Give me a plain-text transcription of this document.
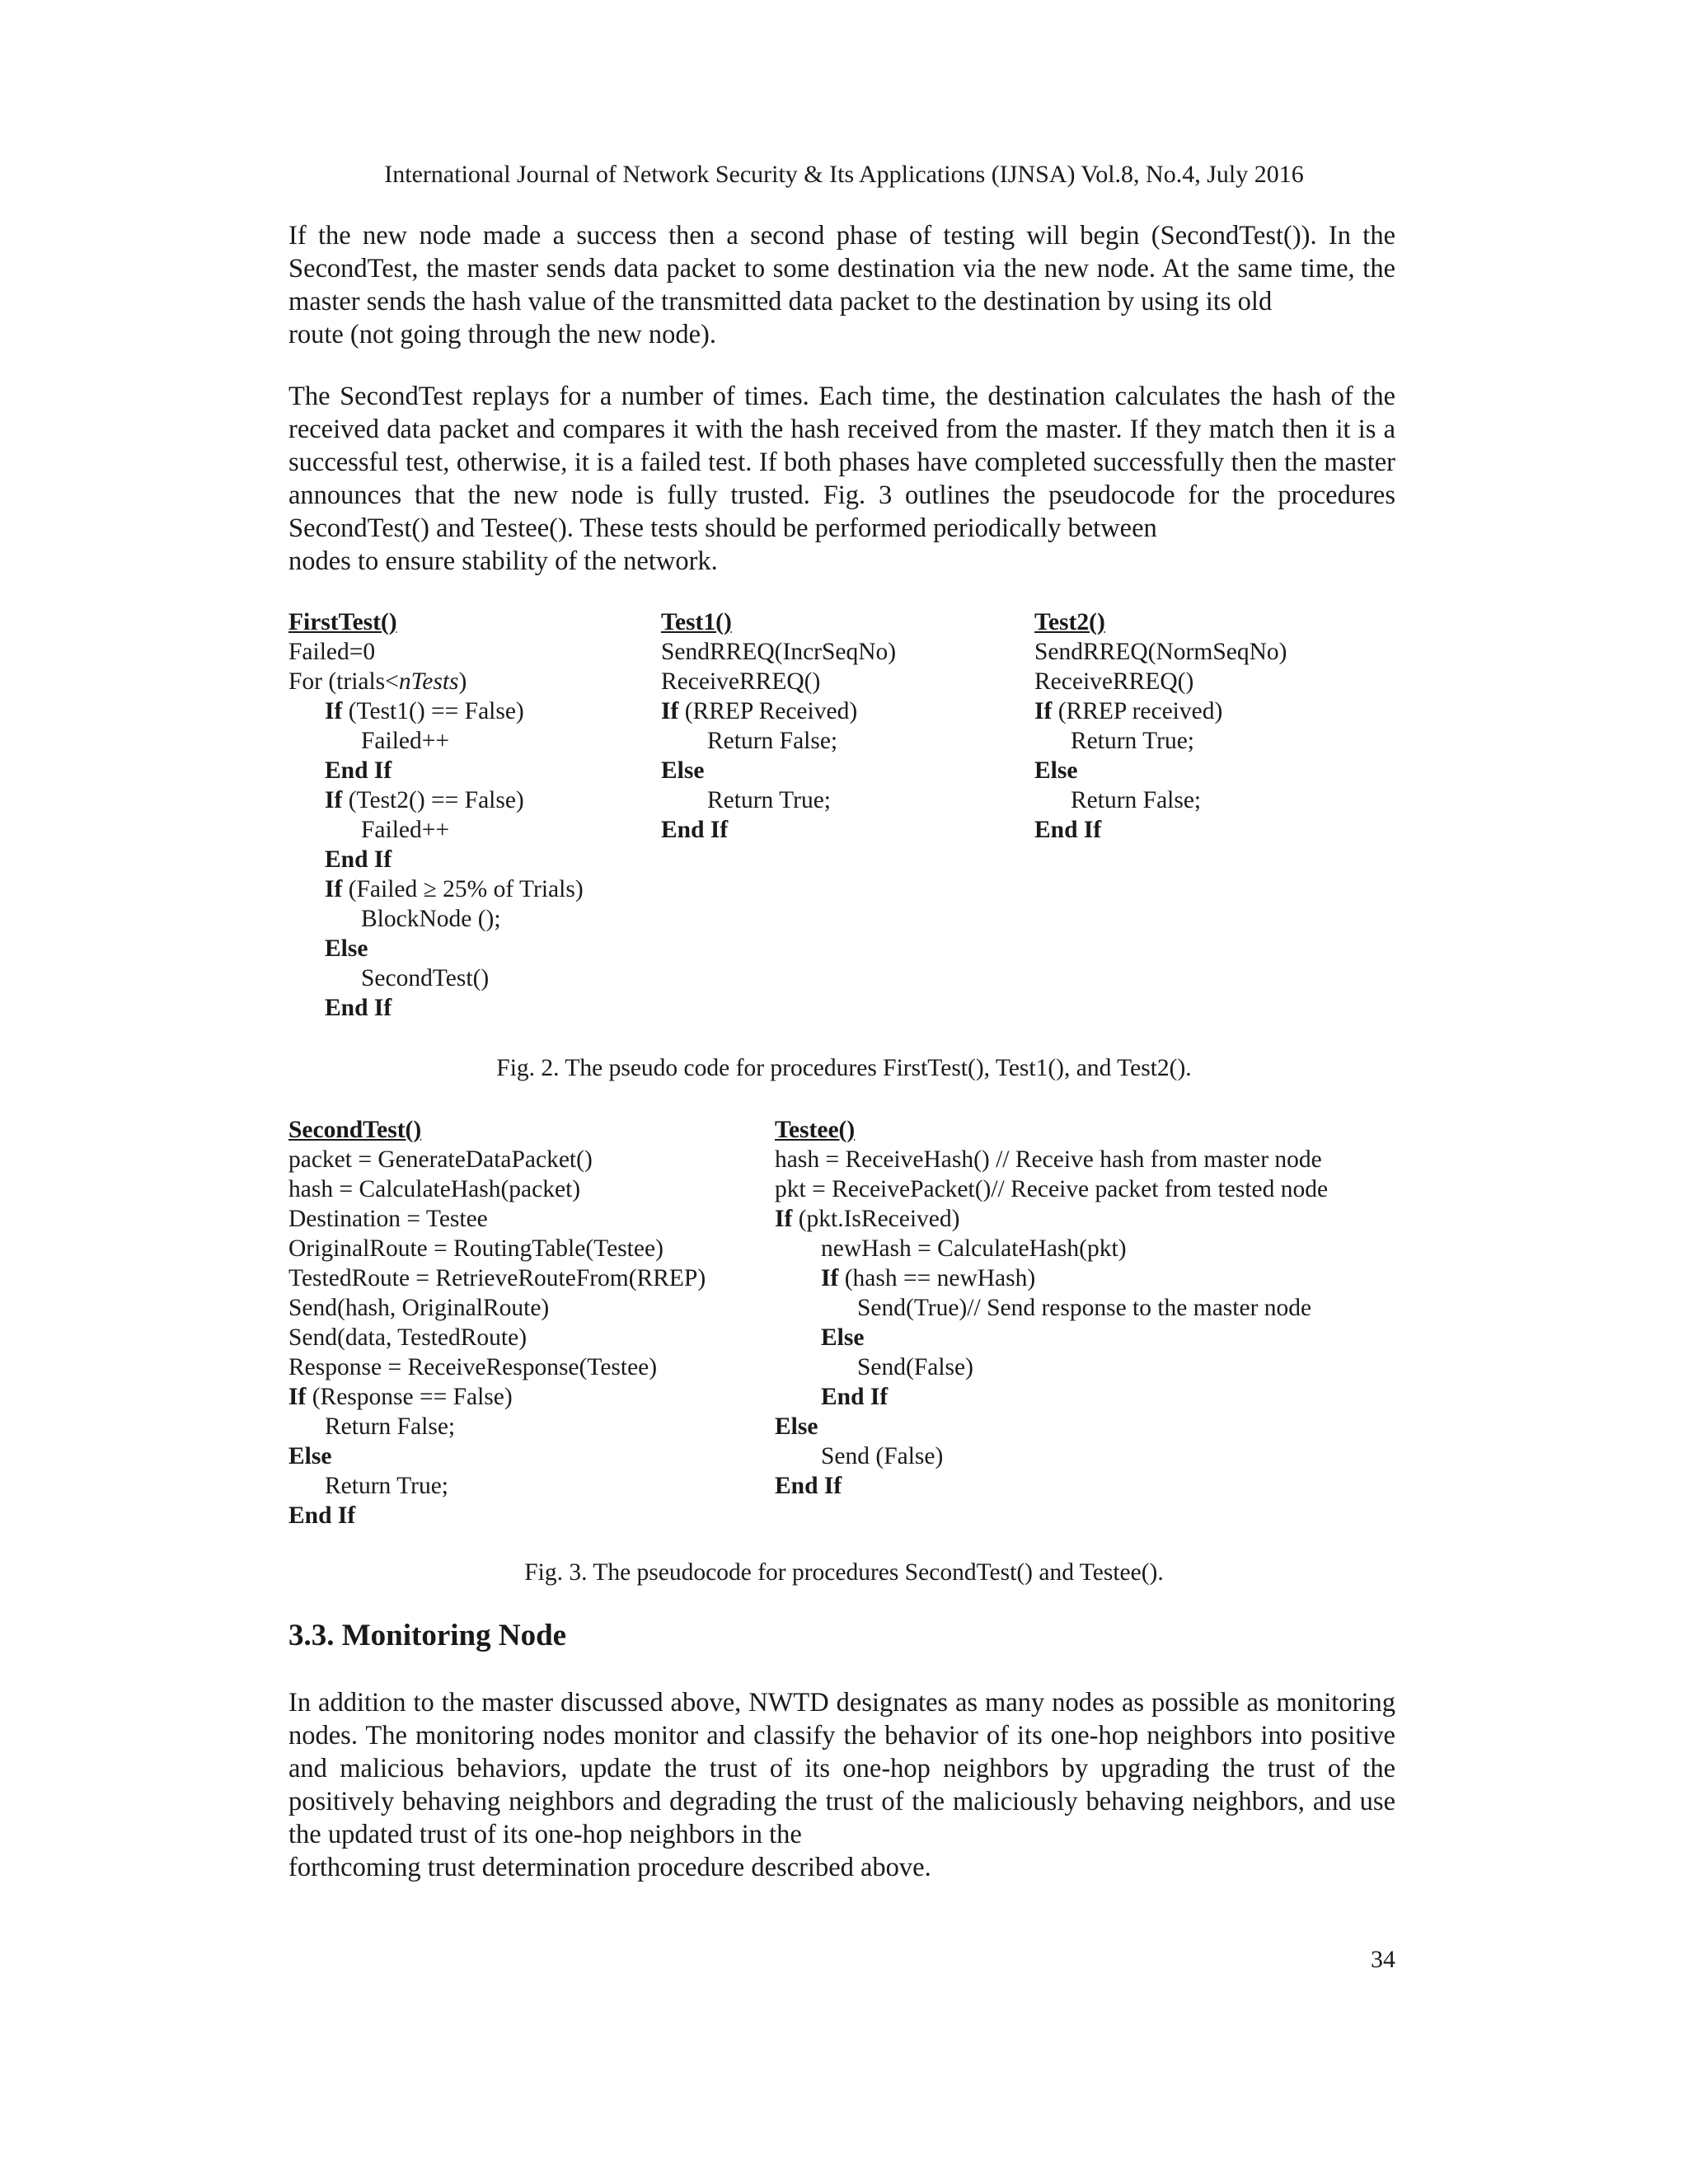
International Journal of Network Security & Its Applications (IJNSA) Vol.8, No.4, July 2016

If the new node made a success then a second phase of testing will begin (SecondTest()). In the SecondTest, the master sends data packet to some destination via the new node. At the same time, the master sends the hash value of the transmitted data packet to the destination by using its old
route (not going through the new node).

The SecondTest replays for a number of times. Each time, the destination calculates the hash of the received data packet and compares it with the hash received from the master. If they match then it is a successful test, otherwise, it is a failed test. If both phases have completed successfully then the master announces that the new node is fully trusted. Fig. 3 outlines the pseudocode for the procedures SecondTest() and Testee(). These tests should be performed periodically between
nodes to ensure stability of the network.

FirstTest()
Failed=0
For (trials<nTests)
If (Test1() == False)
Failed++
End If
If (Test2() == False)
Failed++
End If
If (Failed ≥ 25% of Trials)
BlockNode ();
Else
SecondTest()
End If
Test1()
SendRREQ(IncrSeqNo)
ReceiveRREQ()
If (RREP Received)
Return False;
Else
Return True;
End If
Test2()
SendRREQ(NormSeqNo)
ReceiveRREQ()
If (RREP received)
Return True;
Else
Return False;
End If
Fig. 2. The pseudo code for procedures FirstTest(), Test1(), and Test2().
SecondTest()
packet = GenerateDataPacket()
hash = CalculateHash(packet)
Destination = Testee
OriginalRoute = RoutingTable(Testee)
TestedRoute = RetrieveRouteFrom(RREP)
Send(hash, OriginalRoute)
Send(data, TestedRoute)
Response = ReceiveResponse(Testee)
If (Response == False)
Return False;
Else
Return True;
End If
Testee()
hash = ReceiveHash() // Receive hash from master node
pkt = ReceivePacket()// Receive packet from tested node
If (pkt.IsReceived)
newHash = CalculateHash(pkt)
If (hash == newHash)
Send(True)// Send response to the master node
Else
Send(False)
End If
Else
Send (False)
End If
Fig. 3. The pseudocode for procedures SecondTest() and Testee().
3.3. Monitoring Node

In addition to the master discussed above, NWTD designates as many nodes as possible as monitoring nodes. The monitoring nodes monitor and classify the behavior of its one-hop neighbors into positive and malicious behaviors, update the trust of its one-hop neighbors by upgrading the trust of the positively behaving neighbors and degrading the trust of the maliciously behaving neighbors, and use the updated trust of its one-hop neighbors in the
forthcoming trust determination procedure described above.

34
